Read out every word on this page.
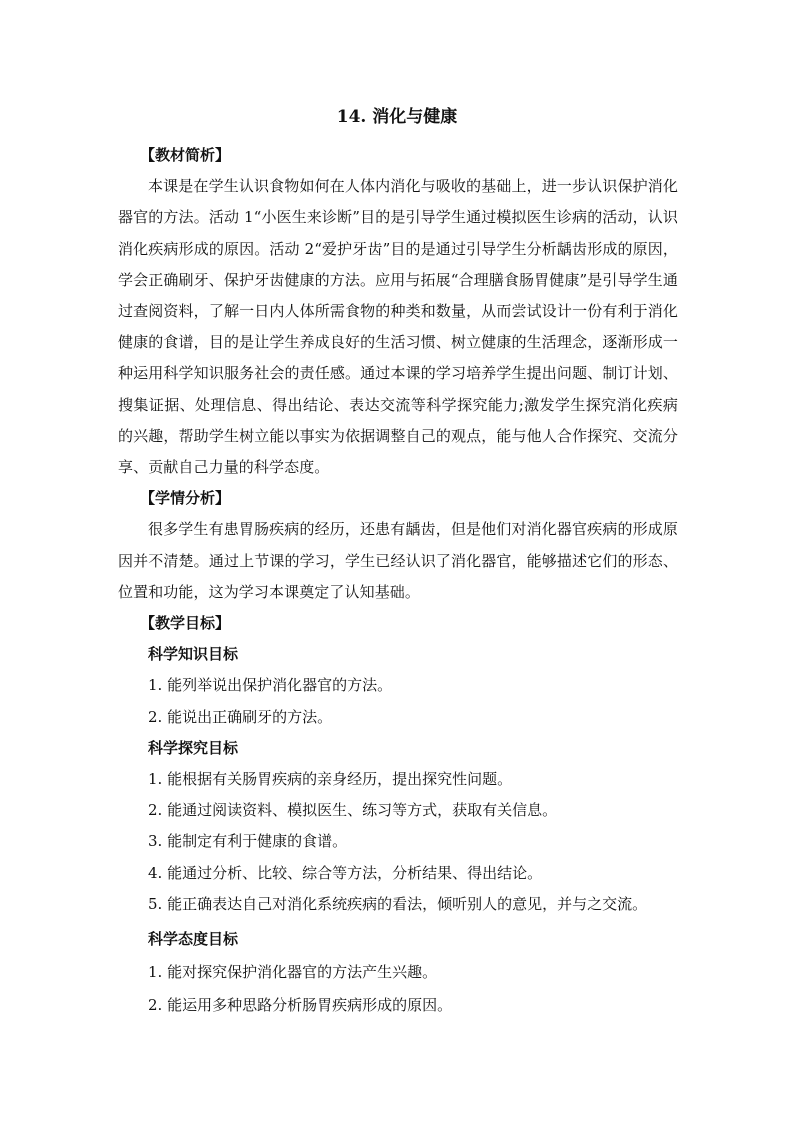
14. 消化与健康
【教材简析】

本课是在学生认识食物如何在人体内消化与吸收的基础上，进一步认识保护消化器官的方法。活动 1“小医生来诊断”目的是引导学生通过模拟医生诊病的活动，认识消化疾病形成的原因。活动 2“爱护牙齿”目的是通过引导学生分析龋齿形成的原因，学会正确刷牙、保护牙齿健康的方法。应用与拓展“合理膳食肠胃健康”是引导学生通过查阅资料，了解一日内人体所需食物的种类和数量，从而尝试设计一份有利于消化健康的食谱，目的是让学生养成良好的生活习惯、树立健康的生活理念，逐渐形成一种运用科学知识服务社会的责任感。通过本课的学习培养学生提出问题、制订计划、搜集证据、处理信息、得出结论、表达交流等科学探究能力;激发学生探究消化疾病的兴趣，帮助学生树立能以事实为依据调整自己的观点，能与他人合作探究、交流分享、贡献自己力量的科学态度。

【学情分析】

很多学生有患胃肠疾病的经历，还患有龋齿，但是他们对消化器官疾病的形成原因并不清楚。通过上节课的学习，学生已经认识了消化器官，能够描述它们的形态、位置和功能，这为学习本课奠定了认知基础。

【教学目标】
科学知识目标
1. 能列举说出保护消化器官的方法。
2. 能说出正确刷牙的方法。
科学探究目标
1. 能根据有关肠胃疾病的亲身经历，提出探究性问题。
2. 能通过阅读资料、模拟医生、练习等方式，获取有关信息。
3. 能制定有利于健康的食谱。
4. 能通过分析、比较、综合等方法，分析结果、得出结论。
5. 能正确表达自己对消化系统疾病的看法，倾听别人的意见，并与之交流。
科学态度目标
1. 能对探究保护消化器官的方法产生兴趣。
2. 能运用多种思路分析肠胃疾病形成的原因。
